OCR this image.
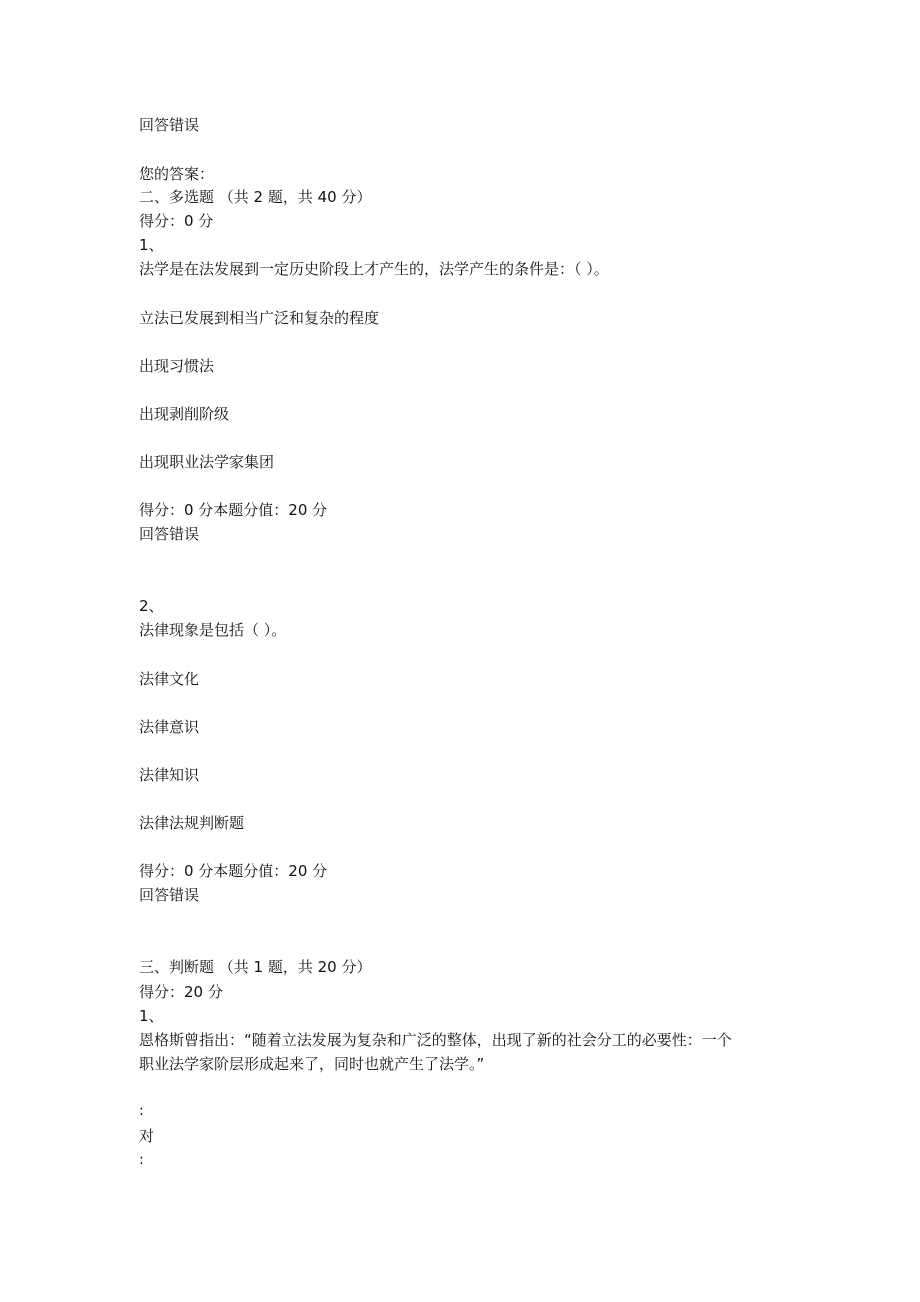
回答错误
您的答案：
二、多选题 （共 2 题，共 40 分）
得分：0 分
1、
法学是在法发展到一定历史阶段上才产生的，法学产生的条件是：（ ）。
立法已发展到相当广泛和复杂的程度
出现习惯法
出现剥削阶级
出现职业法学家集团
得分：0 分本题分值：20 分
回答错误
2、
法律现象是包括（ ）。
法律文化
法律意识
法律知识
法律法规判断题
得分：0 分本题分值：20 分
回答错误
三、判断题 （共 1 题，共 20 分）
得分：20 分
1、
恩格斯曾指出：“随着立法发展为复杂和广泛的整体，出现了新的社会分工的必要性：一个
职业法学家阶层形成起来了，同时也就产生了法学。”
:
对
:
